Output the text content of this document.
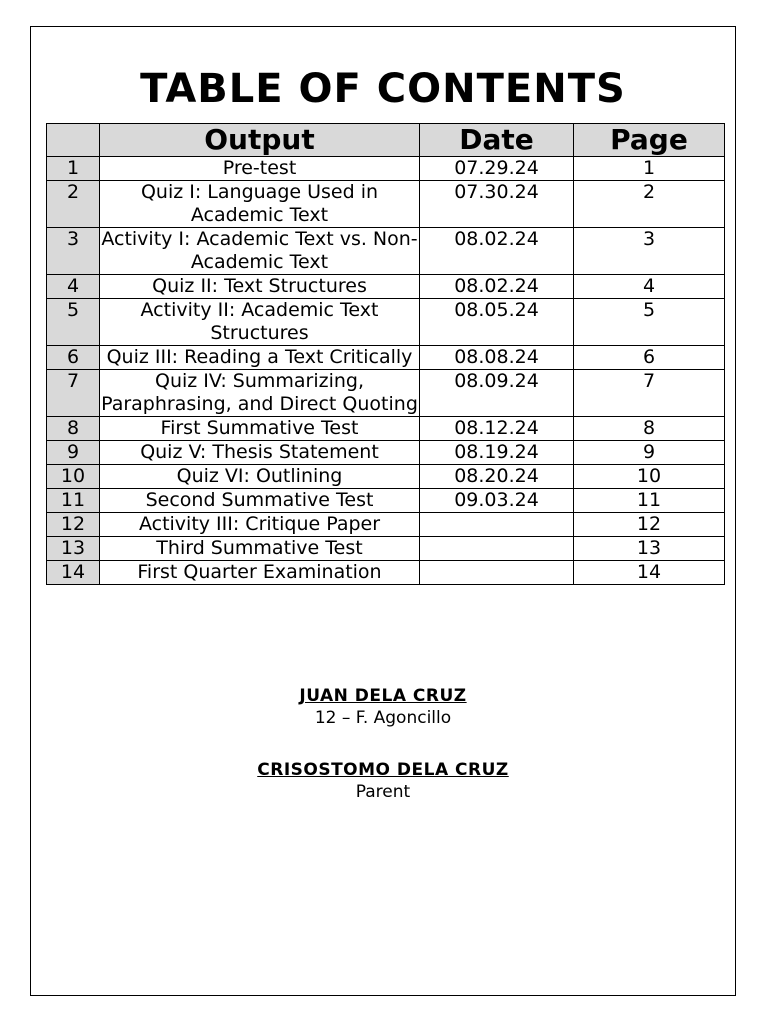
TABLE OF CONTENTS
	Output	Date	Page
1	Pre-test	07.29.24	1
2	Quiz I: Language Used in Academic Text	07.30.24	2
3	Activity I: Academic Text vs. Non-Academic Text	08.02.24	3
4	Quiz II: Text Structures	08.02.24	4
5	Activity II: Academic Text Structures	08.05.24	5
6	Quiz III: Reading a Text Critically	08.08.24	6
7	Quiz IV: Summarizing, Paraphrasing, and Direct Quoting	08.09.24	7
8	First Summative Test	08.12.24	8
9	Quiz V: Thesis Statement	08.19.24	9
10	Quiz VI: Outlining	08.20.24	10
11	Second Summative Test	09.03.24	11
12	Activity III: Critique Paper		12
13	Third Summative Test		13
14	First Quarter Examination		14
JUAN DELA CRUZ
12 – F. Agoncillo
CRISOSTOMO DELA CRUZ
Parent
